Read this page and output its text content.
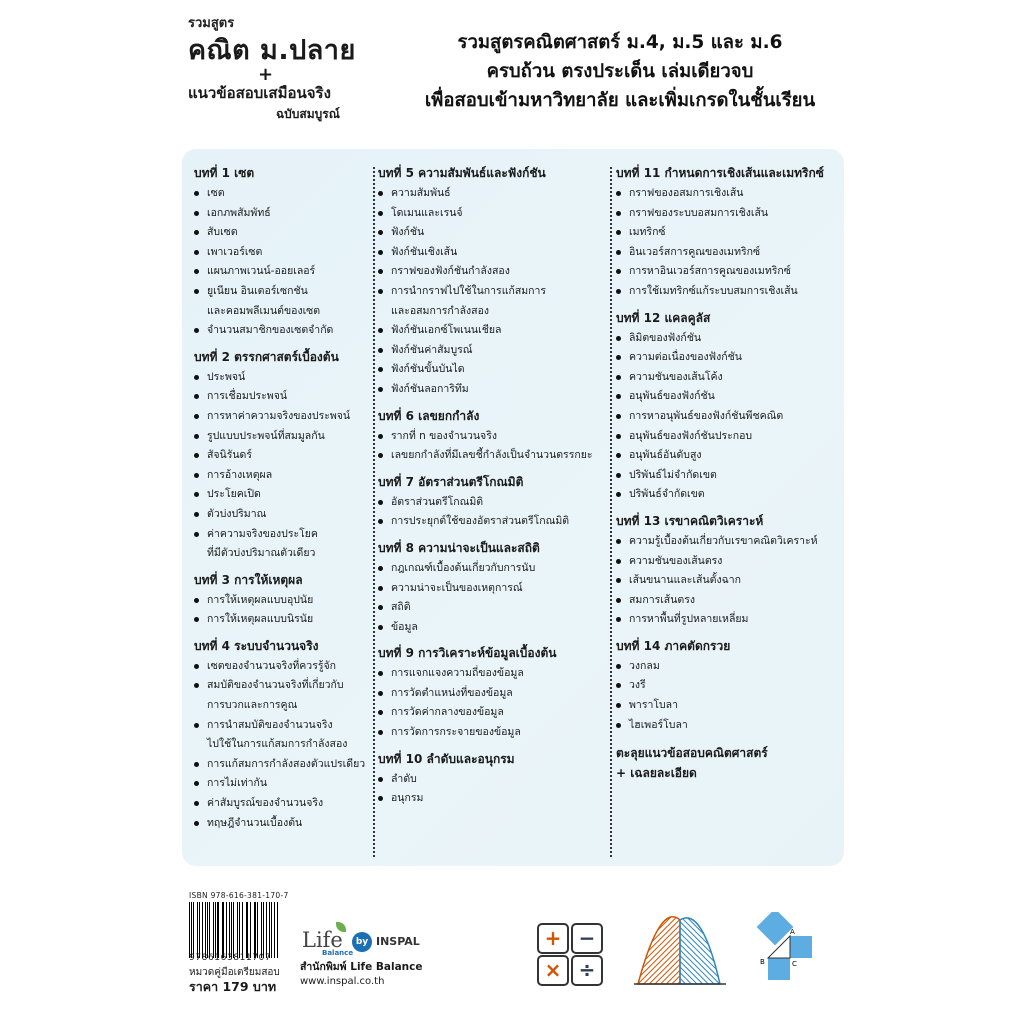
รวมสูตร
คณิต ม.ปลาย
+
แนวข้อสอบเสมือนจริง
ฉบับสมบูรณ์
รวมสูตรคณิตศาสตร์ ม.4, ม.5 และ ม.6
ครบถ้วน ตรงประเด็น เล่มเดียวจบ
เพื่อสอบเข้ามหาวิทยาลัย และเพิ่มเกรดในชั้นเรียน
บทที่ 1 เซต
เซต
เอกภพสัมพัทธ์
สับเซต
เพาเวอร์เซต
แผนภาพเวนน์-ออยเลอร์
ยูเนียน อินเตอร์เซกชัน
และคอมพลีเมนต์ของเซต
จำนวนสมาชิกของเซตจำกัด
บทที่ 2 ตรรกศาสตร์เบื้องต้น
ประพจน์
การเชื่อมประพจน์
การหาค่าความจริงของประพจน์
รูปแบบประพจน์ที่สมมูลกัน
สัจนิรันดร์
การอ้างเหตุผล
ประโยคเปิด
ตัวบ่งปริมาณ
ค่าความจริงของประโยค
ที่มีตัวบ่งปริมาณตัวเดียว
บทที่ 3 การให้เหตุผล
การให้เหตุผลแบบอุปนัย
การให้เหตุผลแบบนิรนัย
บทที่ 4 ระบบจำนวนจริง
เซตของจำนวนจริงที่ควรรู้จัก
สมบัติของจำนวนจริงที่เกี่ยวกับ
การบวกและการคูณ
การนำสมบัติของจำนวนจริง
ไปใช้ในการแก้สมการกำลังสอง
การแก้สมการกำลังสองตัวแปรเดียว
การไม่เท่ากัน
ค่าสัมบูรณ์ของจำนวนจริง
ทฤษฎีจำนวนเบื้องต้น
บทที่ 5 ความสัมพันธ์และฟังก์ชัน
ความสัมพันธ์
โดเมนและเรนจ์
ฟังก์ชัน
ฟังก์ชันเชิงเส้น
กราฟของฟังก์ชันกำลังสอง
การนำกราฟไปใช้ในการแก้สมการ
และอสมการกำลังสอง
ฟังก์ชันเอกซ์โพเนนเชียล
ฟังก์ชันค่าสัมบูรณ์
ฟังก์ชันขั้นบันได
ฟังก์ชันลอการิทึม
บทที่ 6 เลขยกกำลัง
รากที่ n ของจำนวนจริง
เลขยกกำลังที่มีเลขชี้กำลังเป็นจำนวนตรรกยะ
บทที่ 7 อัตราส่วนตรีโกณมิติ
อัตราส่วนตรีโกณมิติ
การประยุกต์ใช้ของอัตราส่วนตรีโกณมิติ
บทที่ 8 ความน่าจะเป็นและสถิติ
กฎเกณฑ์เบื้องต้นเกี่ยวกับการนับ
ความน่าจะเป็นของเหตุการณ์
สถิติ
ข้อมูล
บทที่ 9 การวิเคราะห์ข้อมูลเบื้องต้น
การแจกแจงความถี่ของข้อมูล
การวัดตำแหน่งที่ของข้อมูล
การวัดค่ากลางของข้อมูล
การวัดการกระจายของข้อมูล
บทที่ 10 ลำดับและอนุกรม
ลำดับ
อนุกรม
บทที่ 11 กำหนดการเชิงเส้นและเมทริกซ์
กราฟของอสมการเชิงเส้น
กราฟของระบบอสมการเชิงเส้น
เมทริกซ์
อินเวอร์สการคูณของเมทริกซ์
การหาอินเวอร์สการคูณของเมทริกซ์
การใช้เมทริกซ์แก้ระบบสมการเชิงเส้น
บทที่ 12 แคลคูลัส
ลิมิตของฟังก์ชัน
ความต่อเนื่องของฟังก์ชัน
ความชันของเส้นโค้ง
อนุพันธ์ของฟังก์ชัน
การหาอนุพันธ์ของฟังก์ชันพีชคณิต
อนุพันธ์ของฟังก์ชันประกอบ
อนุพันธ์อันดับสูง
ปริพันธ์ไม่จำกัดเขต
ปริพันธ์จำกัดเขต
บทที่ 13 เรขาคณิตวิเคราะห์
ความรู้เบื้องต้นเกี่ยวกับเรขาคณิตวิเคราะห์
ความชันของเส้นตรง
เส้นขนานและเส้นตั้งฉาก
สมการเส้นตรง
การหาพื้นที่รูปหลายเหลี่ยม
บทที่ 14 ภาคตัดกรวย
วงกลม
วงรี
พาราโบลา
ไฮเพอร์โบลา
ตะลุยแนวข้อสอบคณิตศาสตร์
+ เฉลยละเอียด
ISBN 978-616-381-170-7
9786163811707
หมวดคู่มือเตรียมสอบ
ราคา 179 บาท
Life	by INSPAL
Balance
สำนักพิมพ์ Life Balance
www.inspal.co.th
+ −
× ÷
A
B	C
